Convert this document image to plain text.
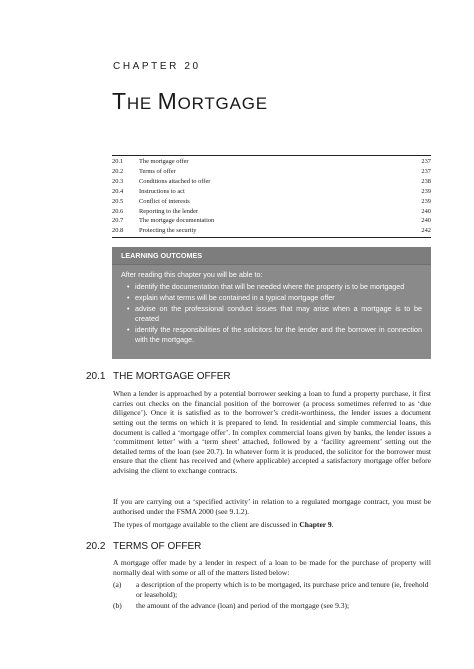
CHAPTER 20
THE MORTGAGE
20.1	The mortgage offer	237
20.2	Terms of offer	237
20.3	Conditions attached to offer	238
20.4	Instructions to act	239
20.5	Conflict of interests	239
20.6	Reporting to the lender	240
20.7	The mortgage documentation	240
20.8	Protecting the security	242
LEARNING OUTCOMES
After reading this chapter you will be able to:
• identify the documentation that will be needed where the property is to be mortgaged
• explain what terms will be contained in a typical mortgage offer
• advise on the professional conduct issues that may arise when a mortgage is to be created
• identify the responsibilities of the solicitors for the lender and the borrower in connection with the mortgage.
20.1 THE MORTGAGE OFFER

When a lender is approached by a potential borrower seeking a loan to fund a property purchase, it first carries out checks on the financial position of the borrower (a process sometimes referred to as ‘due diligence’). Once it is satisfied as to the borrower’s credit-worthiness, the lender issues a document setting out the terms on which it is prepared to lend. In residential and simple commercial loans, this document is called a ‘mortgage offer’. In complex commercial loans given by banks, the lender issues a ‘commitment letter’ with a ‘term sheet’ attached, followed by a ‘facility agreement’ setting out the detailed terms of the loan (see 20.7). In whatever form it is produced, the solicitor for the borrower must ensure that the client has received and (where applicable) accepted a satisfactory mortgage offer before advising the client to exchange contracts.

If you are carrying out a ‘specified activity’ in relation to a regulated mortgage contract, you must be authorised under the FSMA 2000 (see 9.1.2).

The types of mortgage available to the client are discussed in Chapter 9.

20.2 TERMS OF OFFER

A mortgage offer made by a lender in respect of a loan to be made for the purchase of property will normally deal with some or all of the matters listed below:

(a)	a description of the property which is to be mortgaged, its purchase price and tenure (ie, freehold or leasehold);
(b)	the amount of the advance (loan) and period of the mortgage (see 9.3);
